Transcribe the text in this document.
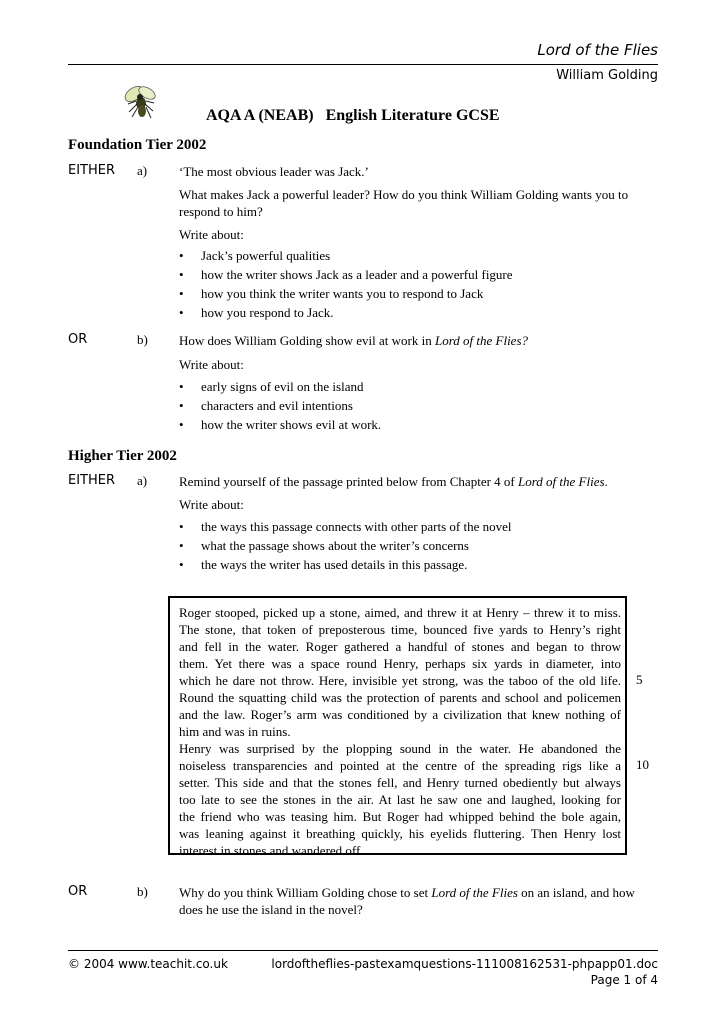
Lord of the Flies
William Golding
AQA A (NEAB)   English Literature GCSE
Foundation Tier 2002
EITHER a) ‘The most obvious leader was Jack.’
What makes Jack a powerful leader? How do you think William Golding wants you to respond to him?
Write about:
• Jack’s powerful qualities
• how the writer shows Jack as a leader and a powerful figure
• how you think the writer wants you to respond to Jack
• how you respond to Jack.
OR	b) How does William Golding show evil at work in Lord of the Flies?
Write about:
• early signs of evil on the island
• characters and evil intentions
• how the writer shows evil at work.
Higher Tier 2002
EITHER a) Remind yourself of the passage printed below from Chapter 4 of Lord of the Flies.
Write about:
• the ways this passage connects with other parts of the novel
• what the passage shows about the writer’s concerns
• the ways the writer has used details in this passage.
Roger stooped, picked up a stone, aimed, and threw it at Henry – threw it to miss.
The stone, that token of preposterous time, bounced five yards to Henry’s right
and fell in the water. Roger gathered a handful of stones and began to throw
them. Yet there was a space round Henry, perhaps six yards in diameter, into
which he dare not throw. Here, invisible yet strong, was the taboo of the old life.
Round the squatting child was the protection of parents and school and policemen
and the law. Roger’s arm was conditioned by a civilization that knew nothing of
him and was in ruins.
Henry was surprised by the plopping sound in the water. He abandoned the
noiseless transparencies and pointed at the centre of the spreading rigs like a
setter. This side and that the stones fell, and Henry turned obediently but always
too late to see the stones in the air. At last he saw one and laughed, looking for
the friend who was teasing him. But Roger had whipped behind the bole again,
was leaning against it breathing quickly, his eyelids fluttering. Then Henry lost
interest in stones and wandered off.
5
10
OR	b) Why do you think William Golding chose to set Lord of the Flies on an island, and how does he use the island in the novel?
© 2004 www.teachit.co.uk	lordoftheflies-pastexamquestions-111008162531-phpapp01.doc
Page 1 of 4
